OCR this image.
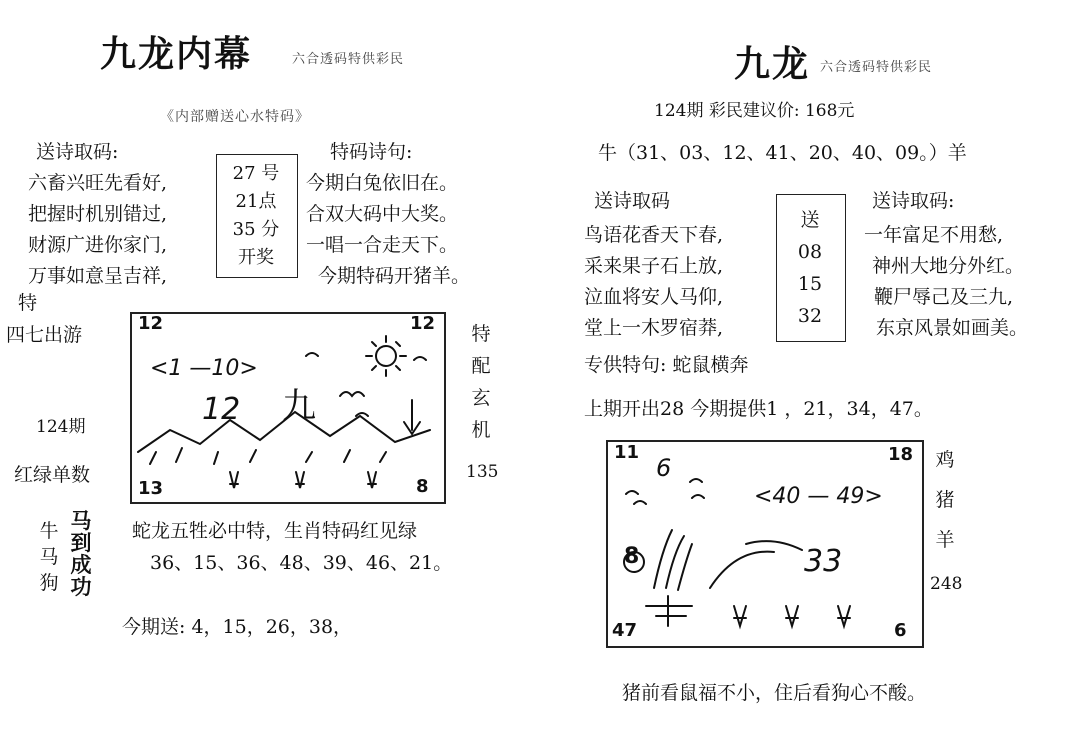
九龙内幕	六合透码特供彩民
《内部赠送心水特码》
送诗取码:	特码诗句:
六畜兴旺先看好,
把握时机别错过,
财源广进你家门,
万事如意呈吉祥,
27 号
21点
35 分
开奖
今期白兔依旧在。
合双大码中大奖。
一唱一合走天下。
今期特码开猪羊。
特
四七出游
124期
红绿单数
12	12
13	8
<1 —10>
12 九
特
配
玄
机
135
牛
马
狗
马
到
成
功
蛇龙五牲必中特，生肖特码红见绿
36、15、36、48、39、46、21。
今期送: 4，15，26，38，
九龙 六合透码特供彩民
124期 彩民建议价: 168元
牛（31、03、12、41、20、40、09。）羊
送诗取码	送诗取码:
鸟语花香天下春,
采来果子石上放,
泣血将安人马仰,
堂上一木罗宿莽,
送
08
15
32
一年富足不用愁,
神州大地分外红。
鞭尸辱己及三九,
东京风景如画美。
专供特句: 蛇鼠横奔
上期开出28 今期提供1 ，21，34，47。
11	18
47	6
<40 — 49>
6
8	33
鸡
猪
羊
248
猪前看鼠福不小，住后看狗心不酸。
